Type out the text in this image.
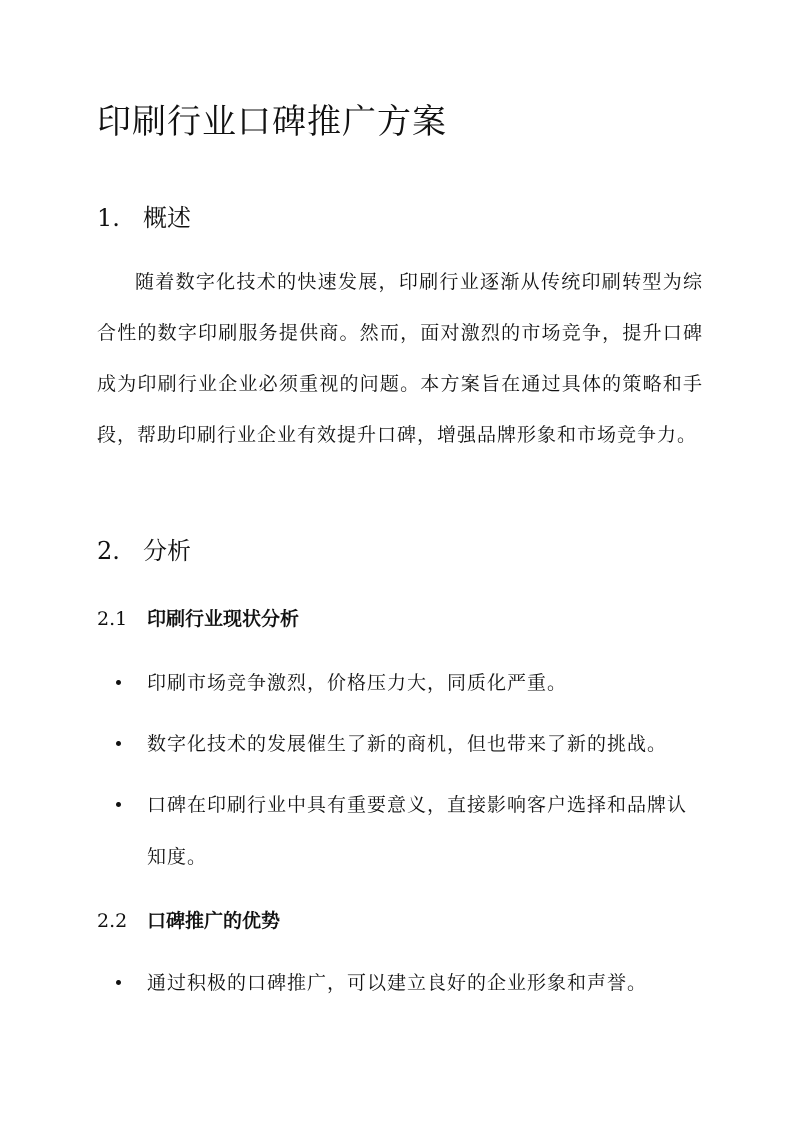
印刷行业口碑推广方案
1. 概述

随着数字化技术的快速发展，印刷行业逐渐从传统印刷转型为综合性的数字印刷服务提供商。然而，面对激烈的市场竞争，提升口碑成为印刷行业企业必须重视的问题。本方案旨在通过具体的策略和手段，帮助印刷行业企业有效提升口碑，增强品牌形象和市场竞争力。

2. 分析
2.1 印刷行业现状分析
印刷市场竞争激烈，价格压力大，同质化严重。
数字化技术的发展催生了新的商机，但也带来了新的挑战。
口碑在印刷行业中具有重要意义，直接影响客户选择和品牌认知度。
2.2 口碑推广的优势
通过积极的口碑推广，可以建立良好的企业形象和声誉。
